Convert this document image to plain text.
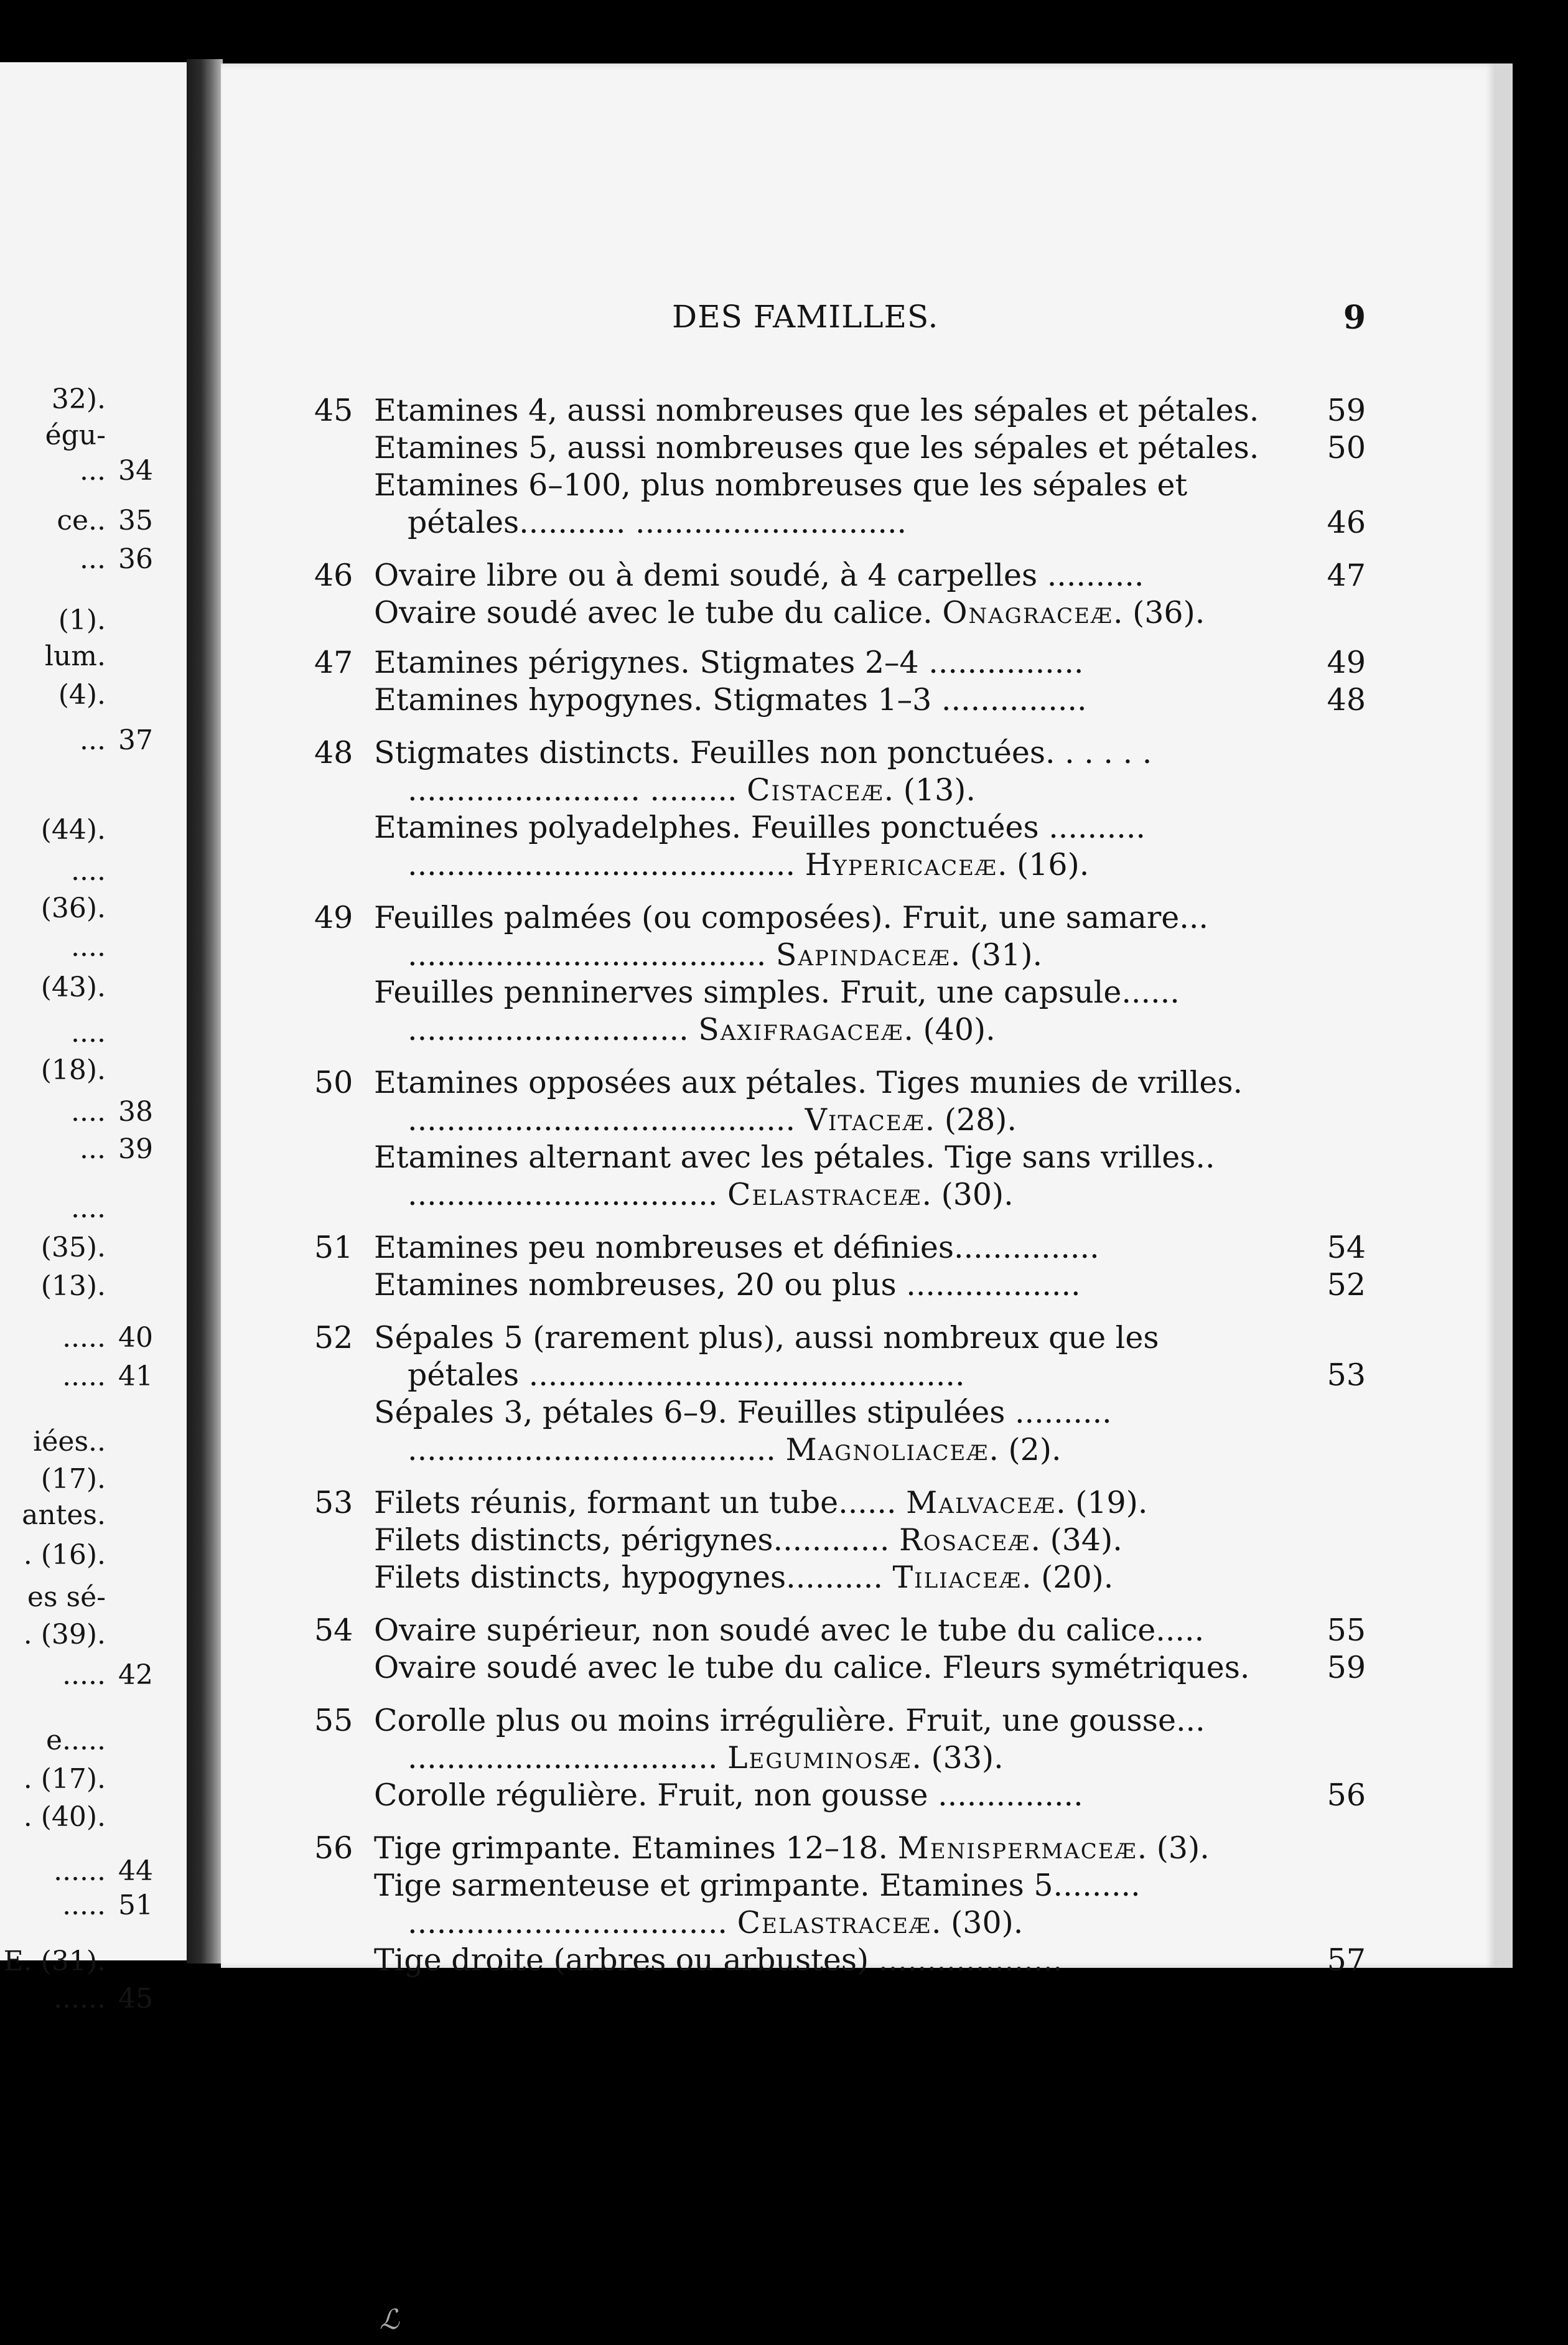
32).
égu-
... 34
ce.. 35
... 36
(1).
lum.
(4).
... 37
(44).
....
(36).
....
(43).
....
(18).
.... 38
... 39
....
(35).
(13).
..... 40
..... 41
iées..
(17).
antes.
. (16).
es sé-
. (39).
..... 42
e.....
. (17).
. (40).
...... 44
..... 51
E. (31).
...... 45
DES FAMILLES.	9
45 Etamines 4, aussi nombreuses que les sépales et pétales.	59
Etamines 5, aussi nombreuses que les sépales et pétales.	50
Etamines 6–100, plus nombreuses que les sépales et
pétales........... ............................	46
46 Ovaire libre ou à demi soudé, à 4 carpelles ..........	47
Ovaire soudé avec le tube du calice. Onagraceæ. (36).
47 Etamines périgynes. Stigmates 2–4 ................	49
Etamines hypogynes. Stigmates 1–3 ...............	48
48 Stigmates distincts. Feuilles non ponctuées. . . . . .
........................ ......... Cistaceæ. (13).
Etamines polyadelphes. Feuilles ponctuées ..........
........................................ Hypericaceæ. (16).
49 Feuilles palmées (ou composées). Fruit, une samare...
..................................... Sapindaceæ. (31).
Feuilles penninerves simples. Fruit, une capsule......
............................. Saxifragaceæ. (40).
50 Etamines opposées aux pétales. Tiges munies de vrilles.
........................................ Vitaceæ. (28).
Etamines alternant avec les pétales. Tige sans vrilles..
................................ Celastraceæ. (30).
51 Etamines peu nombreuses et définies...............	54
Etamines nombreuses, 20 ou plus ..................	52
52 Sépales 5 (rarement plus), aussi nombreux que les
pétales .............................................	53
Sépales 3, pétales 6–9. Feuilles stipulées ..........
...................................... Magnoliaceæ. (2).
53 Filets réunis, formant un tube...... Malvaceæ. (19).
Filets distincts, périgynes............ Rosaceæ. (34).
Filets distincts, hypogynes.......... Tiliaceæ. (20).
54 Ovaire supérieur, non soudé avec le tube du calice.....	55
Ovaire soudé avec le tube du calice. Fleurs symétriques.	59
55 Corolle plus ou moins irrégulière. Fruit, une gousse...
................................ Leguminosæ. (33).
Corolle régulière. Fruit, non gousse ...............	56
56 Tige grimpante. Etamines 12–18. Menispermaceæ. (3).
Tige sarmenteuse et grimpante. Etamines 5.........
................................. Celastraceæ. (30).
Tige droite (arbres ou arbustes) ...................	57
ℒ
